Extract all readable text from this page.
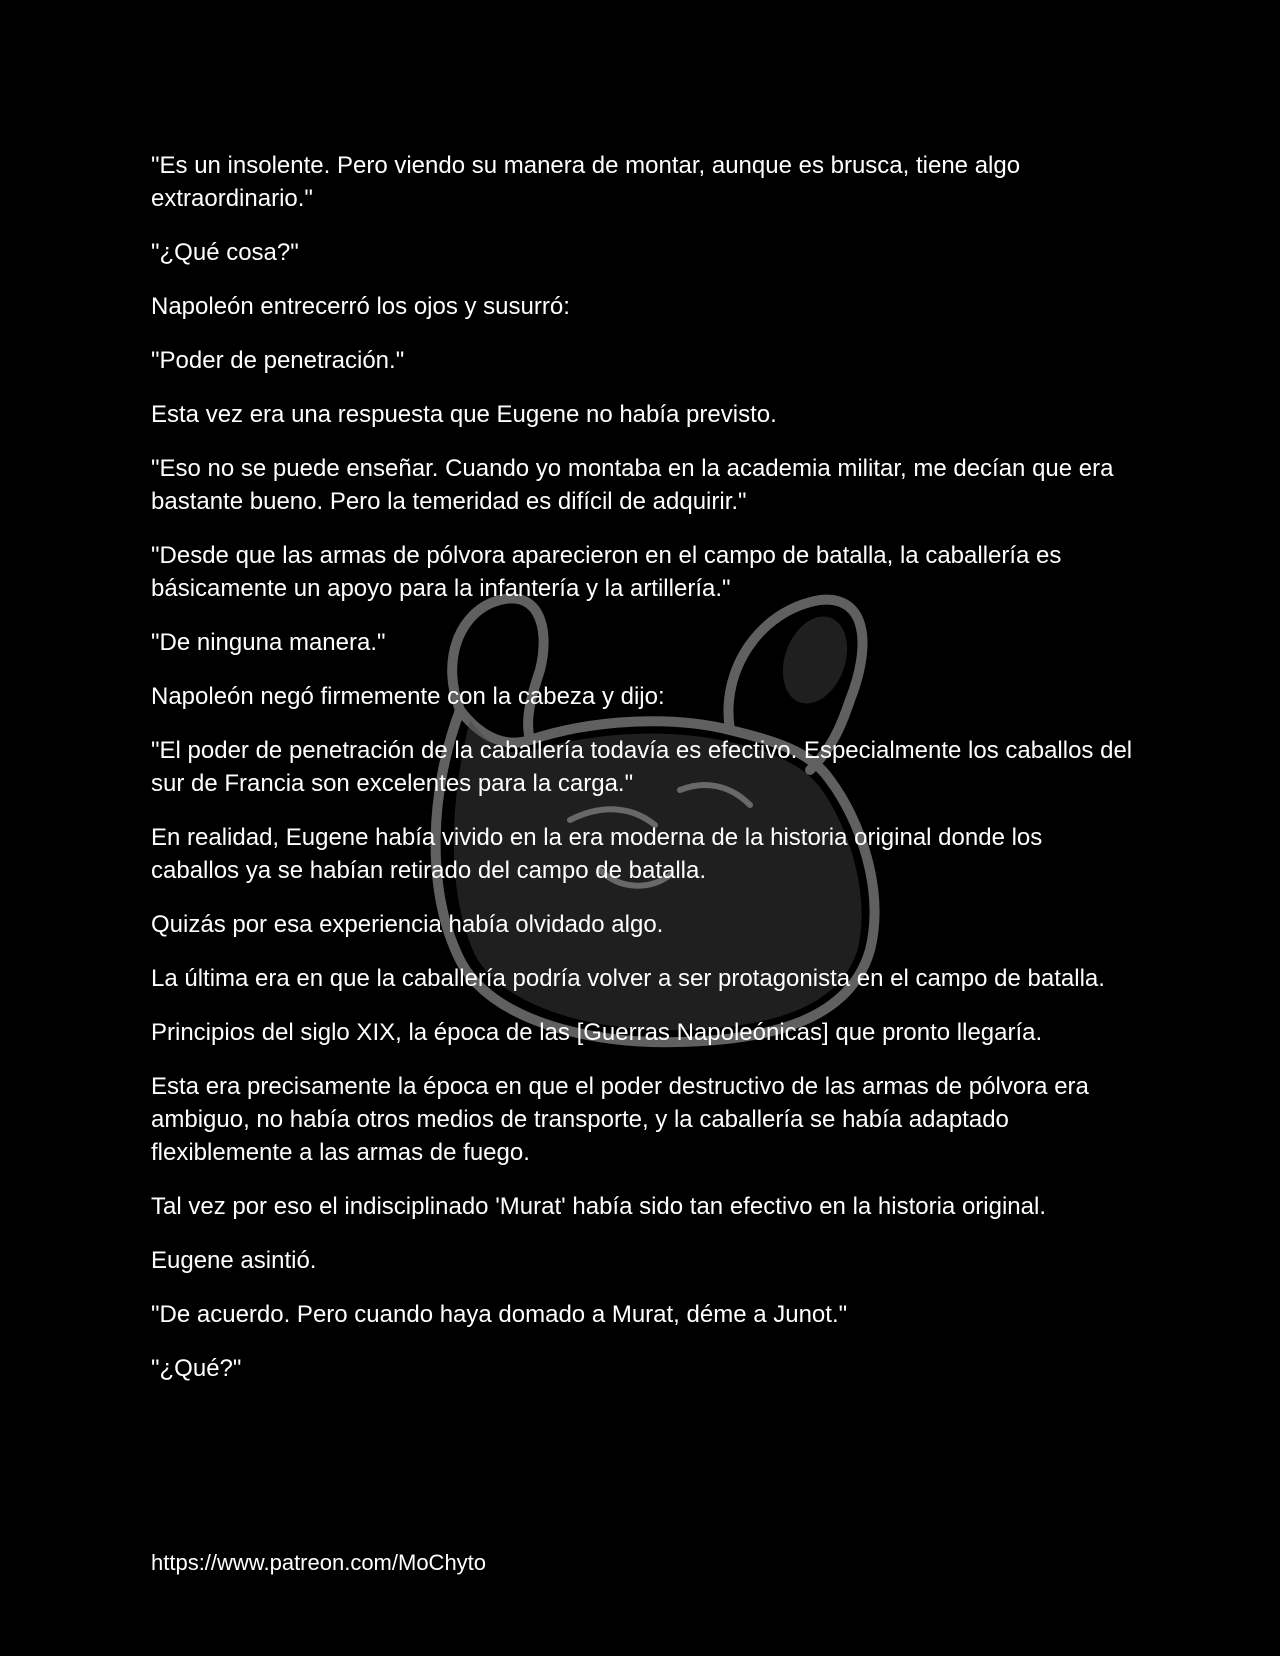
"Es un insolente. Pero viendo su manera de montar, aunque es brusca, tiene algo extraordinario."

"¿Qué cosa?"

Napoleón entrecerró los ojos y susurró:

"Poder de penetración."

Esta vez era una respuesta que Eugene no había previsto.

"Eso no se puede enseñar. Cuando yo montaba en la academia militar, me decían que era bastante bueno. Pero la temeridad es difícil de adquirir."

"Desde que las armas de pólvora aparecieron en el campo de batalla, la caballería es básicamente un apoyo para la infantería y la artillería."

"De ninguna manera."

Napoleón negó firmemente con la cabeza y dijo:

"El poder de penetración de la caballería todavía es efectivo. Especialmente los caballos del sur de Francia son excelentes para la carga."

En realidad, Eugene había vivido en la era moderna de la historia original donde los caballos ya se habían retirado del campo de batalla.

Quizás por esa experiencia había olvidado algo.

La última era en que la caballería podría volver a ser protagonista en el campo de batalla.

Principios del siglo XIX, la época de las [Guerras Napoleónicas] que pronto llegaría.

Esta era precisamente la época en que el poder destructivo de las armas de pólvora era ambiguo, no había otros medios de transporte, y la caballería se había adaptado flexiblemente a las armas de fuego.

Tal vez por eso el indisciplinado 'Murat' había sido tan efectivo en la historia original.

Eugene asintió.

"De acuerdo. Pero cuando haya domado a Murat, déme a Junot."

"¿Qué?"

https://www.patreon.com/MoChyto
